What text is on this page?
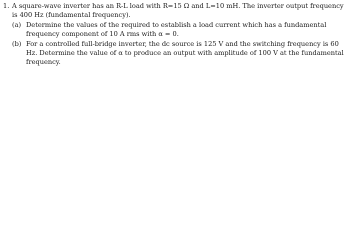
1. A square-wave inverter has an R-L load with R=15 Ω and L=10 mH. The inverter output frequency is 400 Hz (fundamental frequency).

(a) Determine the values of the required to establish a load current which has a fundamental frequency component of 10 A rms with α = 0.

(b) For a controlled full-bridge inverter, the dc source is 125 V and the switching frequency is 60 Hz. Determine the value of α to produce an output with amplitude of 100 V at the fundamental frequency.
